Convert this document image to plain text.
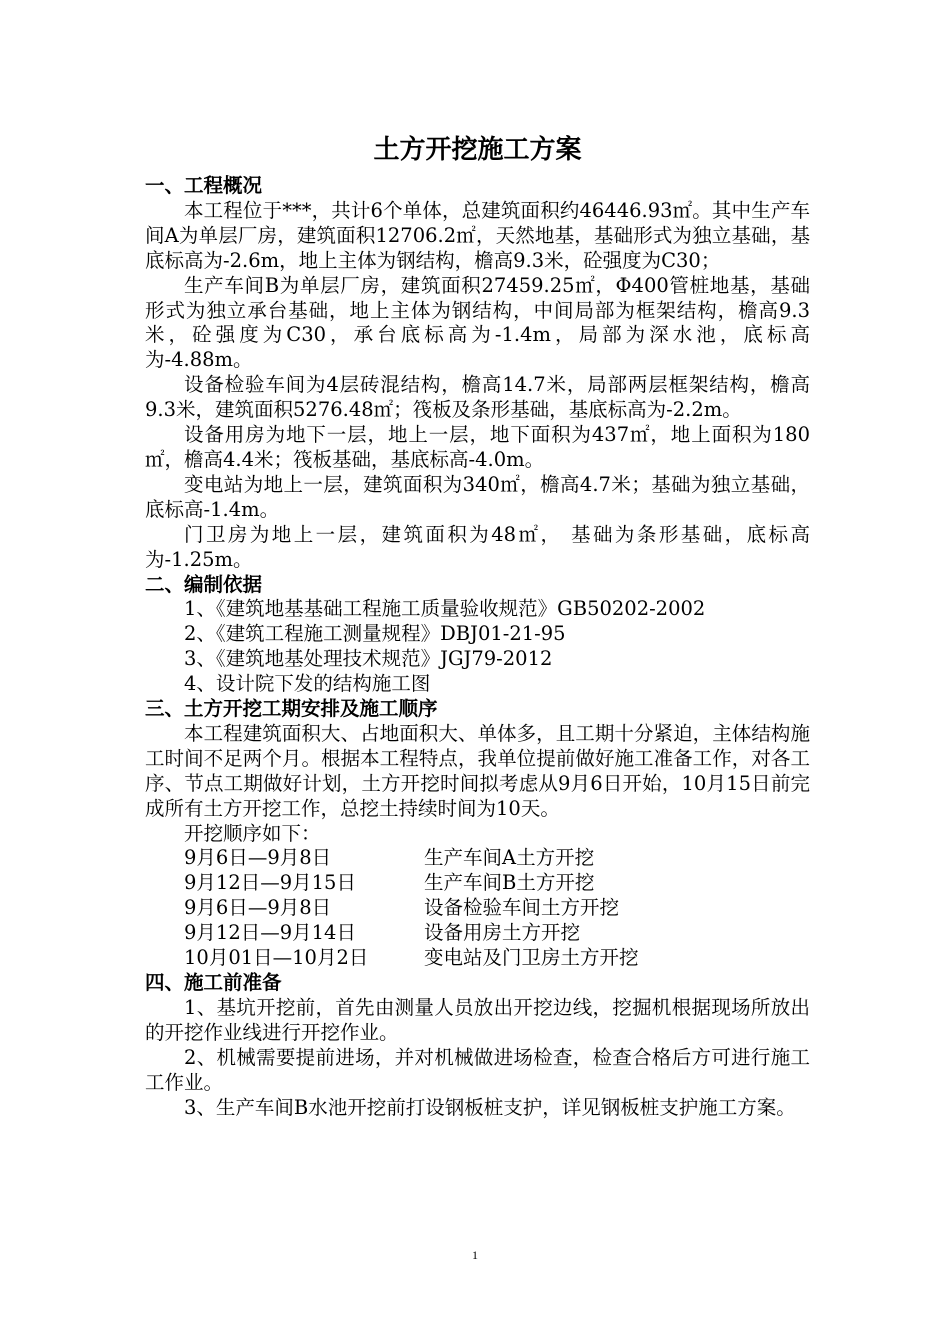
土方开挖施工方案
一、工程概况
本工程位于***，共计6个单体，总建筑面积约46446.93㎡。其中生产车间A为单层厂房，建筑面积12706.2㎡，天然地基，基础形式为独立基础，基底标高为-2.6m，地上主体为钢结构，檐高9.3米，砼强度为C30；
生产车间B为单层厂房，建筑面积27459.25㎡，Φ400管桩地基，基础形式为独立承台基础，地上主体为钢结构，中间局部为框架结构，檐高9.3米，砼强度为C30，承台底标高为-1.4m，局部为深水池，底标高为-4.88m。
设备检验车间为4层砖混结构，檐高14.7米，局部两层框架结构，檐高9.3米，建筑面积5276.48㎡；筏板及条形基础，基底标高为-2.2m。
设备用房为地下一层，地上一层，地下面积为437㎡，地上面积为180㎡，檐高4.4米；筏板基础，基底标高-4.0m。
变电站为地上一层，建筑面积为340㎡，檐高4.7米；基础为独立基础，底标高-1.4m。
门卫房为地上一层，建筑面积为48㎡， 基础为条形基础，底标高为-1.25m。
二、编制依据
1、《建筑地基基础工程施工质量验收规范》GB50202-2002
2、《建筑工程施工测量规程》DBJ01-21-95
3、《建筑地基处理技术规范》JGJ79-2012
4、设计院下发的结构施工图
三、土方开挖工期安排及施工顺序
本工程建筑面积大、占地面积大、单体多，且工期十分紧迫，主体结构施工时间不足两个月。根据本工程特点，我单位提前做好施工准备工作，对各工序、节点工期做好计划，土方开挖时间拟考虑从9月6日开始，10月15日前完成所有土方开挖工作，总挖土持续时间为10天。
开挖顺序如下：
9月6日—9月8日	生产车间A土方开挖
9月12日—9月15日	生产车间B土方开挖
9月6日—9月8日	设备检验车间土方开挖
9月12日—9月14日	设备用房土方开挖
10月01日—10月2日	变电站及门卫房土方开挖
四、施工前准备
1、基坑开挖前，首先由测量人员放出开挖边线，挖掘机根据现场所放出的开挖作业线进行开挖作业。
2、机械需要提前进场，并对机械做进场检查，检查合格后方可进行施工工作业。
3、生产车间B水池开挖前打设钢板桩支护，详见钢板桩支护施工方案。
1
